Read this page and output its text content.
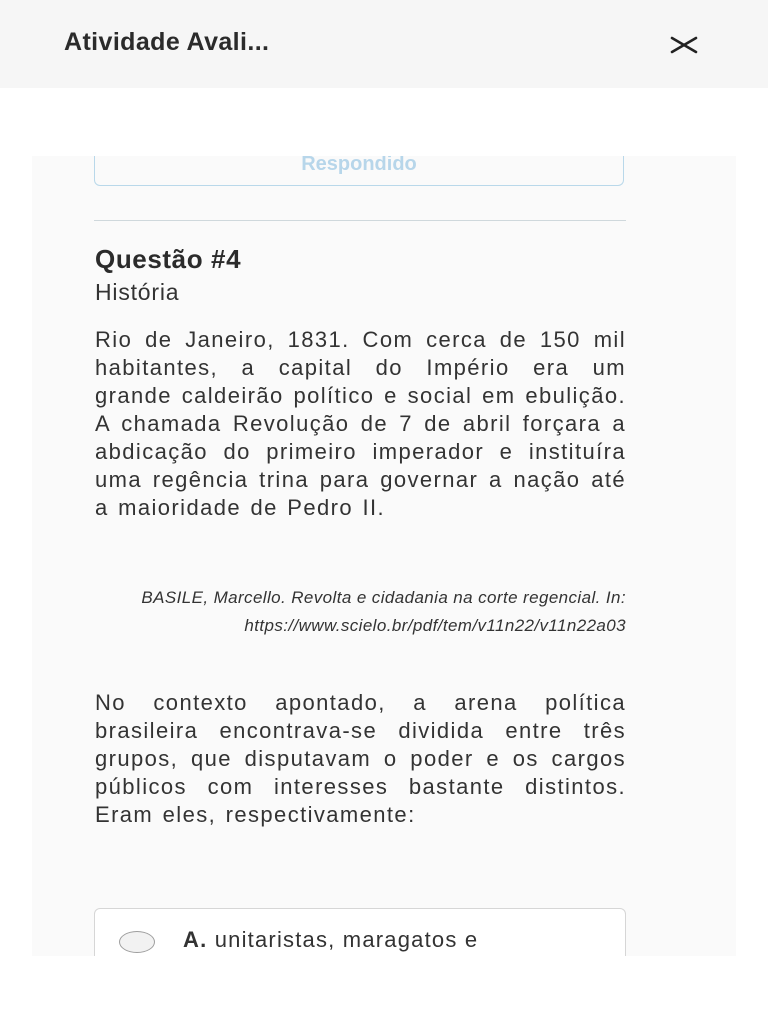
Atividade Avali...
Respondido
Questão #4
História
Rio de Janeiro, 1831. Com cerca de 150 mil habitantes, a capital do Império era um grande caldeirão político e social em ebulição. A chamada Revolução de 7 de abril forçara a abdicação do primeiro imperador e instituíra uma regência trina para governar a nação até a maioridade de Pedro II.
BASILE, Marcello. Revolta e cidadania na corte regencial. In: https://www.scielo.br/pdf/tem/v11n22/v11n22a03
No contexto apontado, a arena política brasileira encontrava-se dividida entre três grupos, que disputavam o poder e os cargos públicos com interesses bastante distintos. Eram eles, respectivamente:
A. unitaristas, maragatos e
